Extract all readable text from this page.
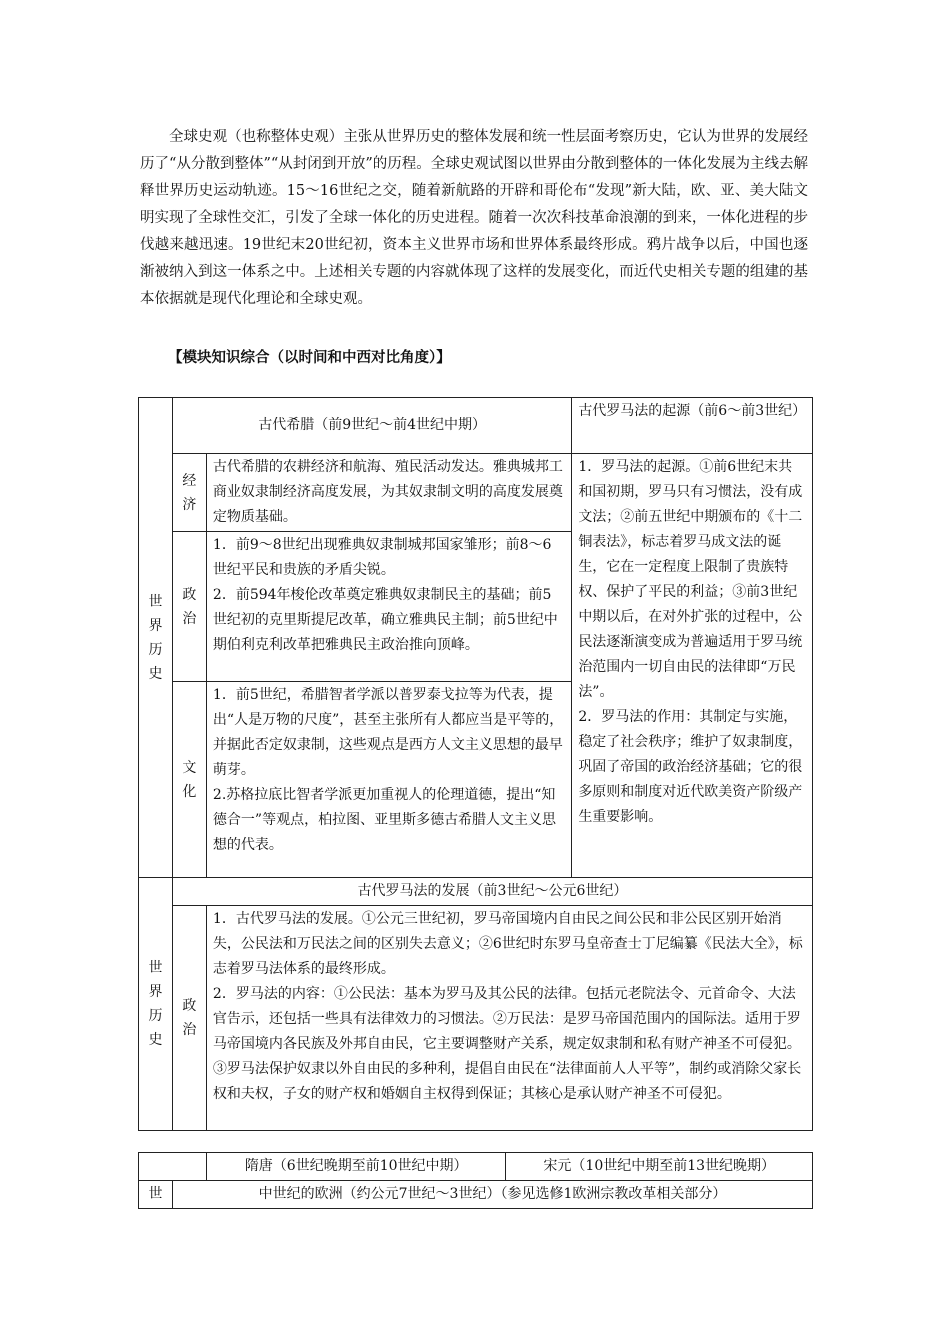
全球史观（也称整体史观）主张从世界历史的整体发展和统一性层面考察历史，它认为世界的发展经历了“从分散到整体”“从封闭到开放”的历程。全球史观试图以世界由分散到整体的一体化发展为主线去解释世界历史运动轨迹。15～16世纪之交，随着新航路的开辟和哥伦布“发现”新大陆，欧、亚、美大陆文明实现了全球性交汇，引发了全球一体化的历史进程。随着一次次科技革命浪潮的到来，一体化进程的步伐越来越迅速。19世纪末20世纪初，资本主义世界市场和世界体系最终形成。鸦片战争以后，中国也逐渐被纳入到这一体系之中。上述相关专题的内容就体现了这样的发展变化，而近代史相关专题的组建的基本依据就是现代化理论和全球史观。

【模块知识综合（以时间和中西对比角度）】

世界历史	古代希腊（前9世纪～前4世纪中期）		古代罗马法的起源（前6～前3世纪）

	经济	古代希腊的农耕经济和航海、殖民活动发达。雅典城邦工商业奴隶制经济高度发展，为其奴隶制文明的高度发展奠定物质基础。	1．罗马法的起源。①前6世纪末共和国初期，罗马只有习惯法，没有成文法；②前五世纪中期颁布的《十二铜表法》，标志着罗马成文法的诞生，它在一定程度上限制了贵族特权、保护了平民的利益；③前3世纪中期以后，在对外扩张的过程中，公民法逐渐演变成为普遍适用于罗马统治范围内一切自由民的法律即“万民法”。
2．罗马法的作用：其制定与实施，稳定了社会秩序；维护了奴隶制度，巩固了帝国的政治经济基础；它的很多原则和制度对近代欧美资产阶级产生重要影响。

	政治	1．前9～8世纪出现雅典奴隶制城邦国家雏形；前8～6世纪平民和贵族的矛盾尖锐。
2．前594年梭伦改革奠定雅典奴隶制民主的基础；前5世纪初的克里斯提尼改革，确立雅典民主制；前5世纪中期伯利克利改革把雅典民主政治推向顶峰。	

	文化	1．前5世纪，希腊智者学派以普罗泰戈拉等为代表，提出“人是万物的尺度”，甚至主张所有人都应当是平等的，并据此否定奴隶制，这些观点是西方人文主义思想的最早萌芽。
2.苏格拉底比智者学派更加重视人的伦理道德，提出“知德合一”等观点，柏拉图、亚里斯多德古希腊人文主义思想的代表。	

世界历史	古代罗马法的发展（前3世纪～公元6世纪）		

	政治	1．古代罗马法的发展。①公元三世纪初，罗马帝国境内自由民之间公民和非公民区别开始消失，公民法和万民法之间的区别失去意义；②6世纪时东罗马皇帝查士丁尼编纂《民法大全》，标志着罗马法体系的最终形成。
2．罗马法的内容：①公民法：基本为罗马及其公民的法律。包括元老院法令、元首命令、大法官告示，还包括一些具有法律效力的习惯法。②万民法：是罗马帝国范围内的国际法。适用于罗马帝国境内各民族及外邦自由民，它主要调整财产关系，规定奴隶制和私有财产神圣不可侵犯。③罗马法保护奴隶以外自由民的多种利，提倡自由民在“法律面前人人平等”，制约或消除父家长权和夫权，子女的财产权和婚姻自主权得到保证；其核心是承认财产神圣不可侵犯。	
		隋唐（6世纪晚期至前10世纪中期）	宋元（10世纪中期至前13世纪晚期）
世	中世纪的欧洲（约公元7世纪～3世纪）（参见选修1欧洲宗教改革相关部分）		
